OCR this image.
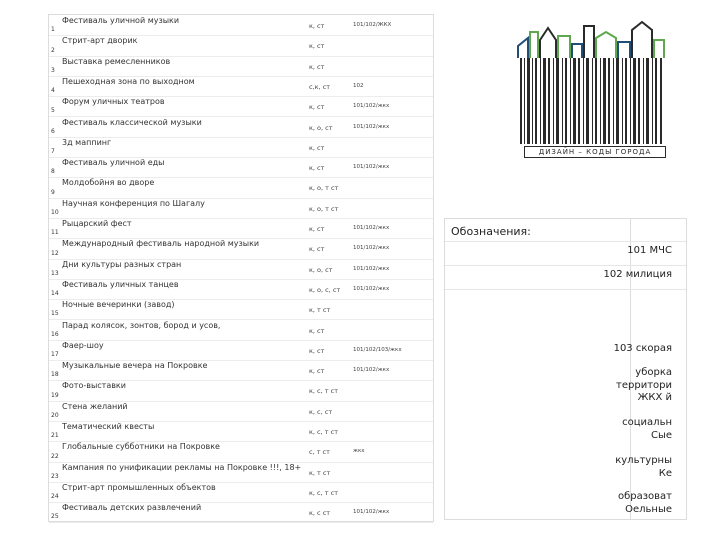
1
Фестиваль уличной музыки
к, ст	101/102/ЖКХ
2
Стрит-арт дворик
к, ст
3
Выставка ремесленников
к, ст
4
Пешеходная зона по выходном
с,к, ст	102
5
Форум уличных театров
к, ст	101/102/жкх
6
Фестиваль классической музыки
к, о, ст	101/102/жкх
7
3д маппинг
к, ст
8
Фестиваль уличной еды
к, ст	101/102/жкх
9
Молдобойня во дворе
к, о, т ст
10
Научная конференция по Шагалу
к, о, т ст
11
Рыцарский фест
к, ст	101/102/жкх
12
Международный фестиваль народной музыки
к, ст	101/102/жкх
13
Дни культуры разных стран
к, о, ст	101/102/жкх
14
Фестиваль уличных танцев
к, о, с, ст 101/102/жкх
15
Ночные вечеринки (завод)
к, т ст
16
Парад колясок, зонтов, бород и усов,
к, ст
17
Фаер-шоу
к, ст	101/102/103/жкх
18
Музыкальные вечера на Покровке
к, ст	101/102/жкх
19
Фото-выставки
к, с, т ст
20
Стена желаний
к, с, ст
21
Тематический квесты
к, с, т ст
22
Глобальные субботники на Покровке
с, т ст	жкх
23
Кампания по унификации рекламы на Покровке !!!, 18+
к, т ст
24
Стрит-арт промышленных объектов
к, с, т ст
25
Фестиваль детских развлечений
к, с ст	101/102/жкх
ДИЗАЙН – КОДЫ ГОРОДА
Обозначения:
101 МЧС
102 милиция
103 скорая
уборка
территори
ЖКХ й
социальн
Сые
культурны
Ке
образоват
Оельные
